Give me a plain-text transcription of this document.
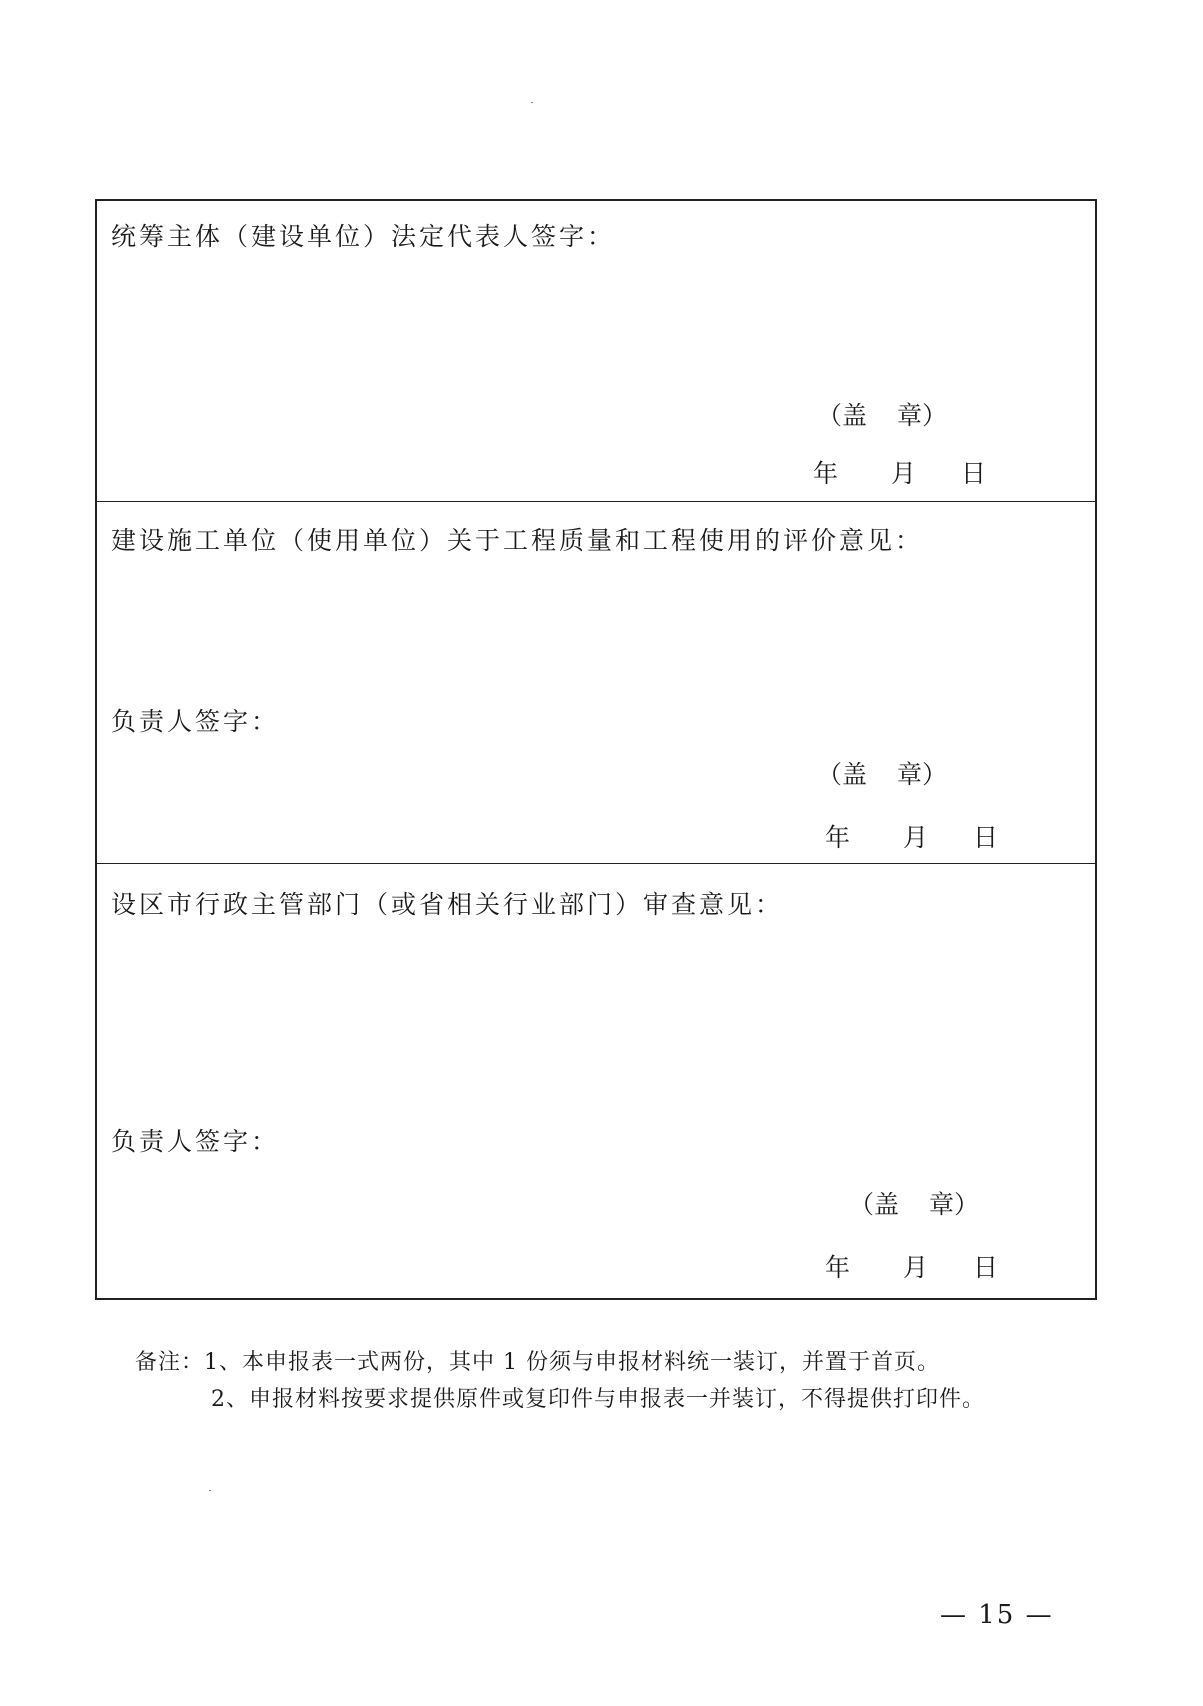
统筹主体（建设单位）法定代表人签字：
（盖 章）
年 月 日
建设施工单位（使用单位）关于工程质量和工程使用的评价意见：
负责人签字：
（盖 章）
年 月 日
设区市行政主管部门（或省相关行业部门）审查意见：
负责人签字：
（盖 章）
年 月 日
备注：1、本申报表一式两份，其中 1 份须与申报材料统一装订，并置于首页。
2、申报材料按要求提供原件或复印件与申报表一并装订，不得提供打印件。
— 15 —
